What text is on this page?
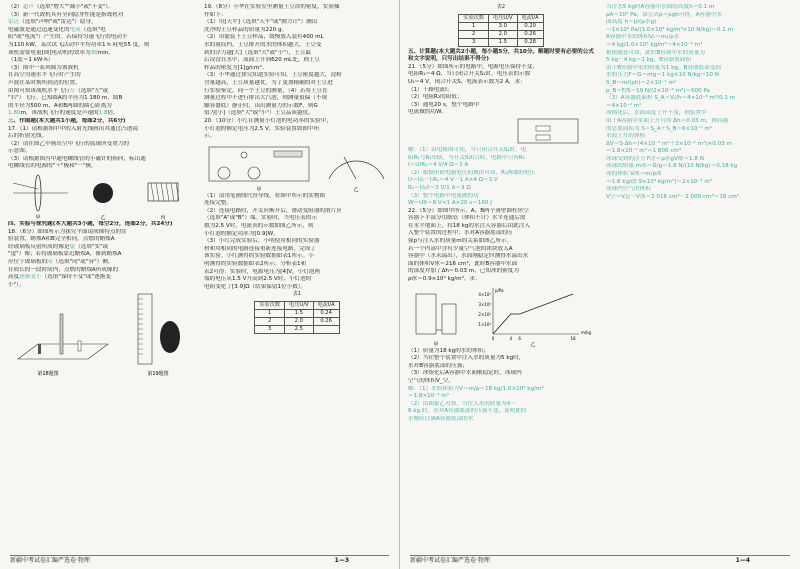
（2）超声（选填"增大""减小"或"不变"）。
（3）新一代战机具有全向隐身性能是指战机对
雷达（选填"声呐"或"雷达"）隐身。
电磁波是通过迅速变化的电流（选填"电
阻"或"电流"）产生的。若保持匀速飞行的电动平
为110 kW，某次试飞活动中平均功率1 h 耗电55 度，则
该机需要电量[图]电动机的效率为30min。
（1度＝1 kW·h）
（3）图中一系列圆为该战机
在高空匀速水平飞行时产生的
声波在某时刻所到达的位置，
由图可知该战机水平飞行左（选填"左"或
"右"）飞行。已知圆A的半径为1 180 m，圆B
的半径为500 m，A和B两圆的圆心距离为
1.80m，该战机飞行的速度是声速的1.8倍。
三、作图题(本大题共1小题，每图2分，共6分)
17.（1）请根据图甲中的入射光线画出其通过凸透镜
后的折射光线。
（2）请在图乙中画出空中飞行的篮球所受重力的
示意图。
（3）请根据图丙中通电螺线管的小磁针的指向，标出通
电螺线管的电源的"＋"极和"－"极。
甲	乙	丙
四、实验与探究题(本大题共3小题，每空2分，连图2分，共24分)
18.（6分）如图所示为探究平面镜成像特点的实
验装置，蜡烛A和B完全相同。点燃的蜡烛A
经玻璃板反射所成的像是虚（选填"实"或
"虚"）像；若将玻璃板靠近蜡烛A，像到蜡烛A
应位于玻璃板的同（选填"同"或"异"）侧。
在较长的一段时间内，点燃的蜡烛A所成像的
高度逐渐变小（选填"保持不变"或"逐渐变
小"）。
第18题图	第19题图
19.（8分）小华在实验室里测量土豆块的密度，实验操
作如下：
（1）用[天平]（选填"天平"或"测力计"）测出
洗净的土豆样品的质量为220 g。
（2）用能装下土豆样品，缓慢放入装有400 mL
水的量筒内，土豆排开的水的体积越大，土豆受
到的浮力越[大]（选填"大"或"小"），土豆最
后浸没在水中，液面上升到620 mL处，则土豆
样品的密度为[1]g/cm³。
（3）小华通过探究知道实验可知，土豆密度越大，淀粉
含量越高，土豆质量越优。为了更加精确的对土豆进
行实验鉴定，同一个土豆的测量，（4）若将土豆在
测量过程中不进行排出大汽泡，则测量值偏（不规
触容器底）静止时，读出测量力的示数F，则G
值为[小]（选填"大"或"小"）土豆品质越优。
20.（10分）小红在测量小灯泡的电功率的实验中，
小灯泡的额定电压为2.5 V，实验装置如图甲所
示。
甲	乙
（1）请用笔画线代替导线，将图甲所示的实物图
连接完整。
（2）连接电路时，开关应断开后，滑动变阻器的滑片应
（选填"A"或"B"）端。实验时，当电压表的示
数为2.5 V时，电流表的示数如图乙所示，则
小灯泡的额定功率为[0.9]W。
（3）小红完成实验后，小明使用相同的实验器
材和用相同的电路连接重新连接电路，完成了
该实验。小红测得的实验数据如表1所示。小
明测得的实验数据如表2所示。分析表1和
表2可得：实验时，电源电压为[4]V，小灯泡两
端的电压从1.5 V升高到2.5 V时，小灯泡的
电阻变化了[3.9]Ω（结果保留1位小数）。
表1
实验次数	电压U/V	电流I/A
1	1.5	0.24
2	2.0	0.26
3	2.5	
新疆中考试卷汇编严选卷·物理	1—3
表2
实验次数	电压U/V	电流I/A
1	3.0	0.20
2	2.0	0.26
3	1.5	0.28
五、计算题(本大题共2小题，每小题5分，共10分。解题时要有必要的公式和文字说明，只写出结果不得分)
21.（5分）如图所示的电路中，电源电压保持不变，
电阻R₁＝4 Ω，当只闭合开关S₁时，电压表的示数
U₁＝4 V，闭合开关S，电流表示数为2 A，求：
（1）干路电流I；
（2）电阻R₂的阻值；
（3）通电20 s，整个电路中
电流做的功W。
解：（1）由电路图可知，当只闭合开关S₁时，电
阻R₁与R₂串联，当开关S闭合时，电路中只有R₁
I＝U/R₁＝4 V/4 Ω＝1 A
（2）根据串联电路电压的规律可知，R₂两端的电压
U＝U₁－I·R₁＝4 V－1 A×4 Ω＝3 V
R₂＝U₂/I＝3 V/1 A＝3 Ω
（3）整个电路中电流做的功
W＝UIt＝8 V×1 A×20 s＝160 J
22.（5分）如图甲所示，A、B两个薄壁圆柱形空
容器下半部分用细管（体积不计）水平连通后放
在水平地面上，将18 kg的水注入容器后由此注入
入整个装置的过程中，水对A容器底部的压
强p与注入水的质量m的关系如图乙所示。
若一个内部中含有少量空气泡的冰块放入A
容器中（水未溢出），水面刚稳定时测得水溢出水
面的体积V冰＝216 cm³，此时B容器中水面
的深度对加了Δh＝0.03 m，已知冰的密度为
ρ冰＝0.9×10³ kg/m³。求：
4×10³
3×10³
2×10³
1×10³
0	4 6	18
p/Pa
m/kg
甲	乙
（1）质量为18 kg的水的体积；
（2）当往整个装置中注入水的质量为5 kg时，
水对B容器底部的压强；
（3）冰熔化后A容器中水面刚稳定时，冰球内
空气的体积V_空。
解：（1）水的体积为V＝m/ρ＝18 kg/1.0×10³ kg/m³
＝1.8×10⁻² m³
（2）由图象乙可知，当往入水的质量为4～
6 kg 时，水对A容器底部的压强不变，说明此时
水刚好注满A容器底部的水
当注水5 kg时A容器中水面的高度h＝0.1 m
pA＝10³ Pa，由公式p＝ρgh可得，A容器中水
面高度 h＝p/(ρ水g)
＝1×10³ Pa/(1.0×10³ kg/m³×10 N/kg)＝0.1 m
A容器中水的体积V₁＝m₁/ρ水
＝4 kg/1.0×10³ kg/m³＝4×10⁻³ m³
根据题意可知，此时B容器中水的质量为
5 kg－4 kg＝1 kg，B容器底面积
由于B容器中水的质量为1 kg，B容器底部受到
水的压力F＝G＝mg＝1 kg×10 N/kg＝10 N
S_B＝m/(ρh)＝2×10⁻² m²
p_B＝F/S＝10 N/(2×10⁻² m²)＝500 Pa
（3）A容器底面积 S_A＝V₁/h＝4×10⁻³ m³/0.1 m
＝4×10⁻² m²
冰熔化后，水面高度上升不变，则装置中
由于A容器中水面上升可得 Δh＝0.03 m，两容器
的总底面积为 S＝S_A＋S_B＝6×10⁻² m²
水面上升的体积
ΔV＝S·Δh＝(4×10⁻² m²＋2×10⁻² m²)×0.03 m
＝1.8×10⁻³ m³＝1 800 cm³
冰球受到的浮力 F浮＝ρ水gV排＝1.8 N
冰球的质量 m冰＝G/g＝1.8 N/(10 N/kg)＝0.18 kg
冰的体积 V冰＝m/ρ冰
＝1.8 kg/(0.9×10³ kg/m³)＝2×10⁻³ m³
冰球内空气的体积
V空＝V总－V冰＝2 016 cm³－2 000 cm³＝16 cm³
新疆中考试卷汇编严选卷·物理	1—4
